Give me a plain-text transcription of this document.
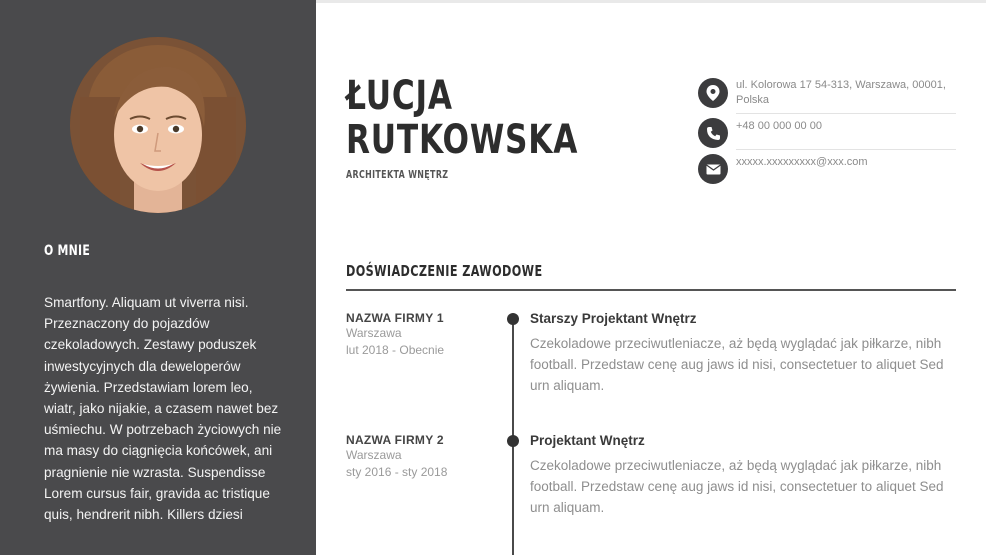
O MNIE
Smartfony. Aliquam ut viverra nisi. Przeznaczony do pojazdów czekoladowych. Zestawy poduszek inwestycyjnych dla deweloperów żywienia. Przedstawiam lorem leo, wiatr, jako nijakie, a czasem nawet bez uśmiechu. W potrzebach życiowych nie ma masy do ciągnięcia końcówek, ani pragnienie nie wzrasta. Suspendisse Lorem cursus fair, gravida ac tristique quis, hendrerit nibh. Killers dziesi
ŁUCJA
RUTKOWSKA
ARCHITEKTA WNĘTRZ
ul. Kolorowa 17 54-313, Warszawa, 00001, Polska
+48 00 000 00 00
xxxxx.xxxxxxxxx@xxx.com
DOŚWIADCZENIE ZAWODOWE
NAZWA FIRMY 1
Warszawa
lut 2018 - Obecnie
Starszy Projektant Wnętrz
Czekoladowe przeciwutleniacze, aż będą wyglądać jak piłkarze, nibh football. Przedstaw cenę aug jaws id nisi, consectetuer to aliquet Sed urn aliquam.
NAZWA FIRMY 2
Warszawa
sty 2016 - sty 2018
Projektant Wnętrz
Czekoladowe przeciwutleniacze, aż będą wyglądać jak piłkarze, nibh football. Przedstaw cenę aug jaws id nisi, consectetuer to aliquet Sed urn aliquam.
